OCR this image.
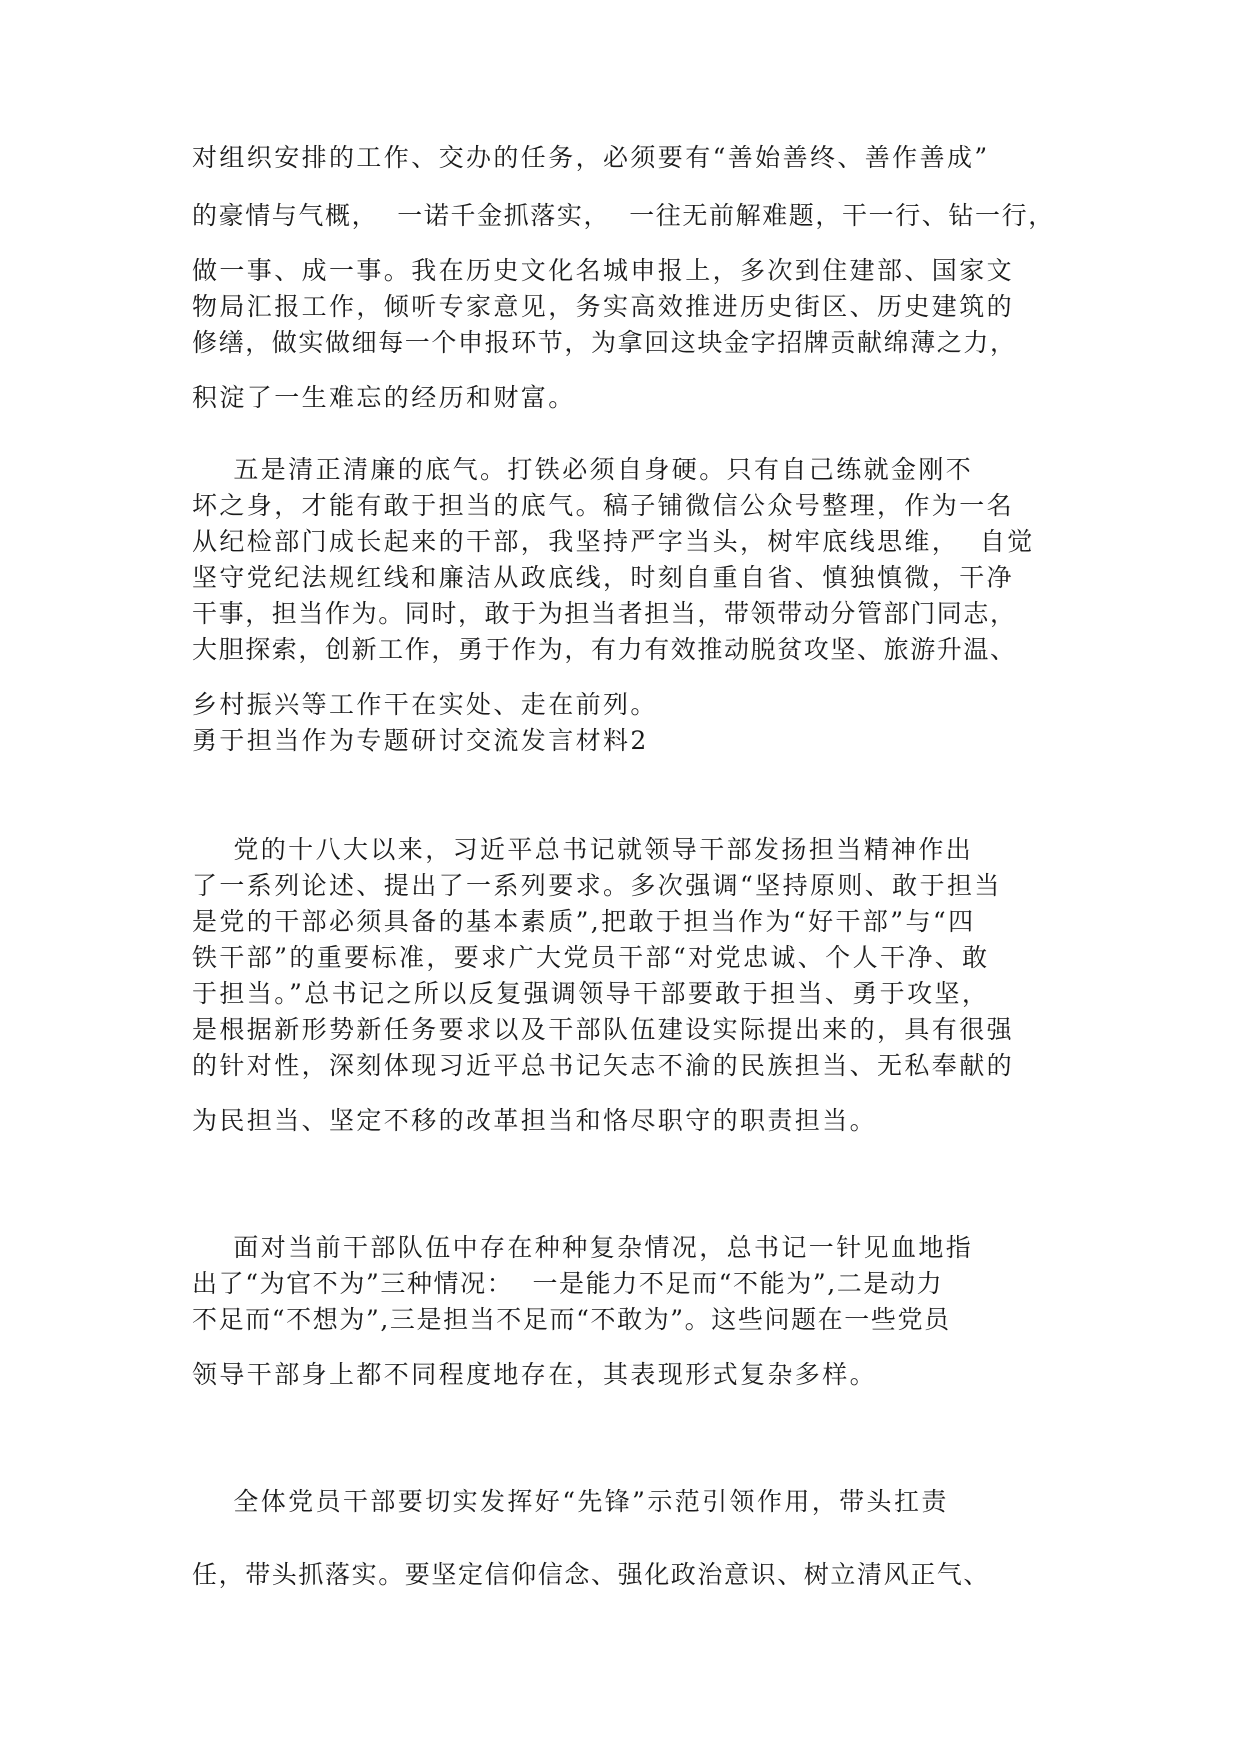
对组织安排的工作、交办的任务，必须要有“善始善终、善作善成”
的豪情与气概，  一诺千金抓落实，  一往无前解难题，干一行、钻一行，
做一事、成一事。我在历史文化名城申报上，多次到住建部、国家文
物局汇报工作，倾听专家意见，务实高效推进历史街区、历史建筑的
修缮，做实做细每一个申报环节，为拿回这块金字招牌贡献绵薄之力，
积淀了一生难忘的经历和财富。
五是清正清廉的底气。打铁必须自身硬。只有自己练就金刚不
坏之身，才能有敢于担当的底气。稿子铺微信公众号整理，作为一名
从纪检部门成长起来的干部，我坚持严字当头，树牢底线思维，  自觉
坚守党纪法规红线和廉洁从政底线，时刻自重自省、慎独慎微，干净
干事，担当作为。同时，敢于为担当者担当，带领带动分管部门同志，
大胆探索，创新工作，勇于作为，有力有效推动脱贫攻坚、旅游升温、
乡村振兴等工作干在实处、走在前列。
勇于担当作为专题研讨交流发言材料2
党的十八大以来，习近平总书记就领导干部发扬担当精神作出
了一系列论述、提出了一系列要求。多次强调“坚持原则、敢于担当
是党的干部必须具备的基本素质”,把敢于担当作为“好干部”与“四
铁干部”的重要标准，要求广大党员干部“对党忠诚、个人干净、敢
于担当。”总书记之所以反复强调领导干部要敢于担当、勇于攻坚，
是根据新形势新任务要求以及干部队伍建设实际提出来的，具有很强
的针对性，深刻体现习近平总书记矢志不渝的民族担当、无私奉献的
为民担当、坚定不移的改革担当和恪尽职守的职责担当。
面对当前干部队伍中存在种种复杂情况，总书记一针见血地指
出了“为官不为”三种情况：  一是能力不足而“不能为”,二是动力
不足而“不想为”,三是担当不足而“不敢为”。这些问题在一些党员
领导干部身上都不同程度地存在，其表现形式复杂多样。
全体党员干部要切实发挥好“先锋”示范引领作用，带头扛责
任，带头抓落实。要坚定信仰信念、强化政治意识、树立清风正气、
